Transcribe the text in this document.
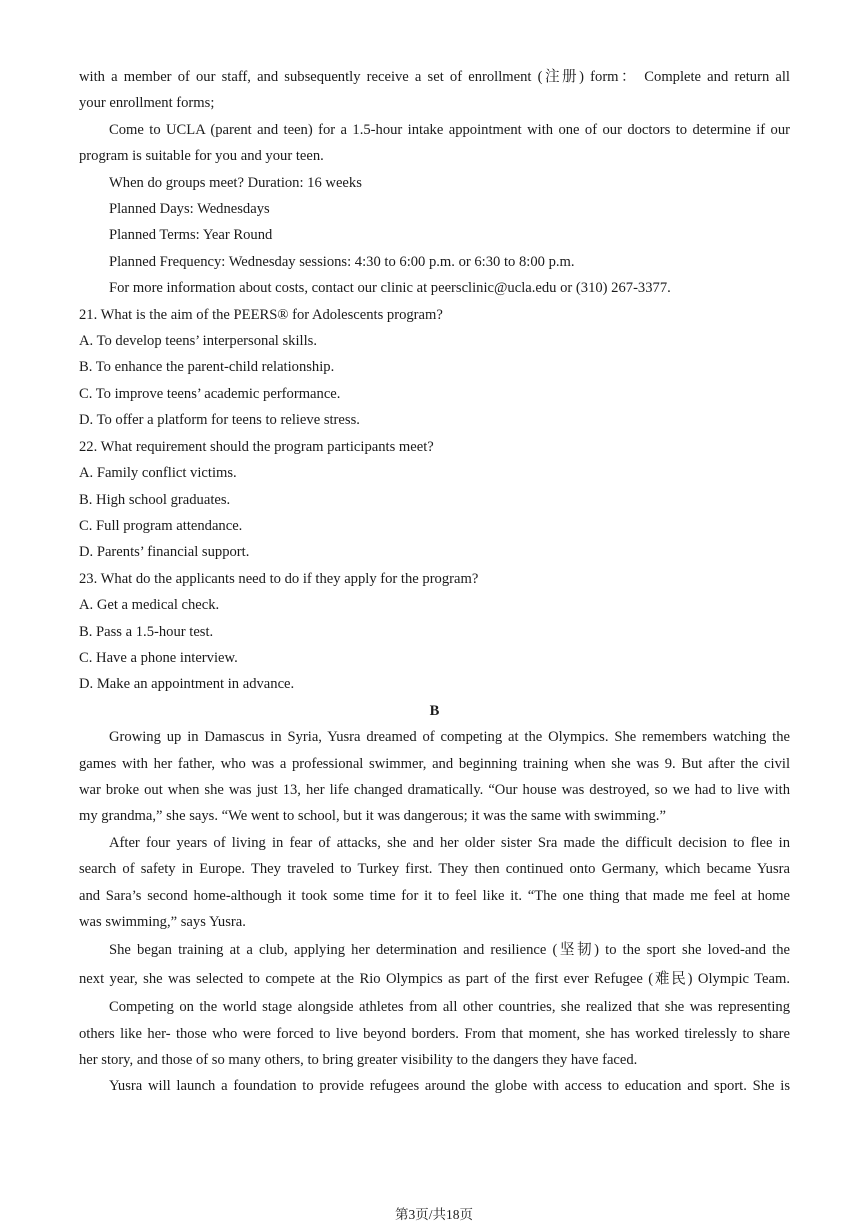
with a member of our staff, and subsequently receive a set of enrollment (注册) form： Complete and return all

your enrollment forms;

Come to UCLA (parent and teen) for a 1.5-hour intake appointment with one of our doctors to determine if our

program is suitable for you and your teen.

When do groups meet? Duration: 16 weeks

Planned Days: Wednesdays

Planned Terms: Year Round

Planned Frequency: Wednesday sessions: 4:30 to 6:00 p.m. or 6:30 to 8:00 p.m.

For more information about costs, contact our clinic at peersclinic@ucla.edu or (310) 267-3377.

21. What is the aim of the PEERS® for Adolescents program?

A. To develop teens’ interpersonal skills.

B. To enhance the parent-child relationship.

C. To improve teens’ academic performance.

D. To offer a platform for teens to relieve stress.

22. What requirement should the program participants meet?

A. Family conflict victims.

B. High school graduates.

C. Full program attendance.

D. Parents’ financial support.

23. What do the applicants need to do if they apply for the program?

A. Get a medical check.

B. Pass a 1.5-hour test.

C. Have a phone interview.

D. Make an appointment in advance.

B

Growing up in Damascus in Syria, Yusra dreamed of competing at the Olympics. She remembers watching the

games with her father, who was a professional swimmer, and beginning training when she was 9. But after the civil

war broke out when she was just 13, her life changed dramatically. “Our house was destroyed, so we had to live with

my grandma,” she says. “We went to school, but it was dangerous; it was the same with swimming.”

After four years of living in fear of attacks, she and her older sister Sra made the difficult decision to flee in

search of safety in Europe. They traveled to Turkey first. They then continued onto Germany, which became Yusra

and Sara’s second home-although it took some time for it to feel like it. “The one thing that made me feel at home

was swimming,” says Yusra.

She began training at a club, applying her determination and resilience (坚韧) to the sport she loved-and the

next year, she was selected to compete at the Rio Olympics as part of the first ever Refugee (难民) Olympic Team.

Competing on the world stage alongside athletes from all other countries, she realized that she was representing

others like her- those who were forced to live beyond borders. From that moment, she has worked tirelessly to share

her story, and those of so many others, to bring greater visibility to the dangers they have faced.

Yusra will launch a foundation to provide refugees around the globe with access to education and sport. She is

第3页/共18页
